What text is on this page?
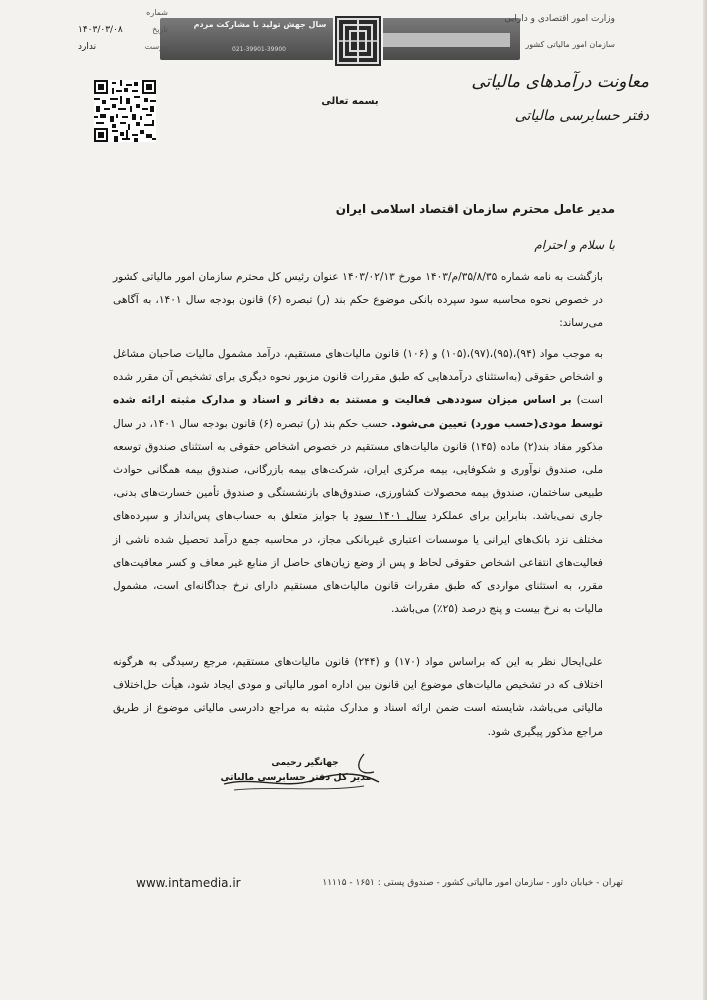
سال جهش تولید با مشارکت مردم
021-39901-39900
وزارت امور اقتصادی و دارایی
سازمان امور مالیاتی کشور
شماره
تاریخ
۱۴۰۳/۰۳/۰۸
پیوست
ندارد
بسمه تعالی
معاونت درآمدهای مالیاتی
دفتر حسابرسی مالیاتی
مدیر عامل محترم سازمان اقتصاد اسلامی ایران
با سلام و احترام
بازگشت به نامه شماره ۳۵/۸/۳۵/م/۱۴۰۳ مورخ ۱۴۰۳/۰۲/۱۳ عنوان رئیس کل محترم سازمان امور مالیاتی کشور در خصوص نحوه محاسبه سود سپرده بانکی موضوع حکم بند (ر) تبصره (۶) قانون بودجه سال ۱۴۰۱، به آگاهی می‌رساند:
به موجب مواد (۹۴)،(۹۵)،(۹۷)،(۱۰۵) و (۱۰۶) قانون مالیات‌های مستقیم، درآمد مشمول مالیات صاحبان مشاغل و اشخاص حقوقی (به‌استثنای درآمدهایی که طبق مقررات قانون مزبور نحوه دیگری برای تشخیص آن مقرر شده است) بر اساس میزان سوددهی فعالیت و مستند به دفاتر و اسناد و مدارک مثبته ارائه شده توسط مودی(حسب مورد) تعیین می‌شود. حسب حکم بند (ر) تبصره (۶) قانون بودجه سال ۱۴۰۱، در سال مذکور مفاد بند(۲) ماده (۱۴۵) قانون مالیات‌های مستقیم در خصوص اشخاص حقوقی به استثنای صندوق توسعه ملی، صندوق نوآوری و شکوفایی، بیمه مرکزی ایران، شرکت‌های بیمه بازرگانی، صندوق بیمه همگانی حوادث طبیعی ساختمان، صندوق بیمه محصولات کشاورزی، صندوق‌های بازنشستگی و صندوق تأمین خسارت‌های بدنی، جاری نمی‌باشد. بنابراین برای عملکرد سال ۱۴۰۱ سود یا جوایز متعلق به حساب‌های پس‌انداز و سپرده‌های مختلف نزد بانک‌های ایرانی یا موسسات اعتباری غیربانکی مجاز، در محاسبه جمع درآمد تحصیل شده ناشی از فعالیت‌های انتفاعی اشخاص حقوقی لحاظ و پس از وضع زیان‌های حاصل از منابع غیر معاف و کسر معافیت‌های مقرر، به استثنای مواردی که طبق مقررات قانون مالیات‌های مستقیم دارای نرخ جداگانه‌ای است، مشمول مالیات به نرخ بیست و پنج درصد (۲۵٪) می‌باشد.
علی‌ایحال نظر به این که براساس مواد (۱۷۰) و (۲۴۴) قانون مالیات‌های مستقیم، مرجع رسیدگی به هرگونه اختلاف که در تشخیص مالیات‌های موضوع این قانون بین اداره امور مالیاتی و مودی ایجاد شود، هیأت حل‌اختلاف مالیاتی می‌باشد، شایسته است ضمن ارائه اسناد و مدارک مثبته به مراجع دادرسی مالیاتی موضوع از طریق مراجع مذکور پیگیری شود.
جهانگیر رحیمی
مدیر کل دفتر حسابرسی مالیاتی
تهران - خیابان داور - سازمان امور مالیاتی کشور - صندوق پستی : ۱۶۵۱ - ۱۱۱۱۵
www.intamedia.ir
